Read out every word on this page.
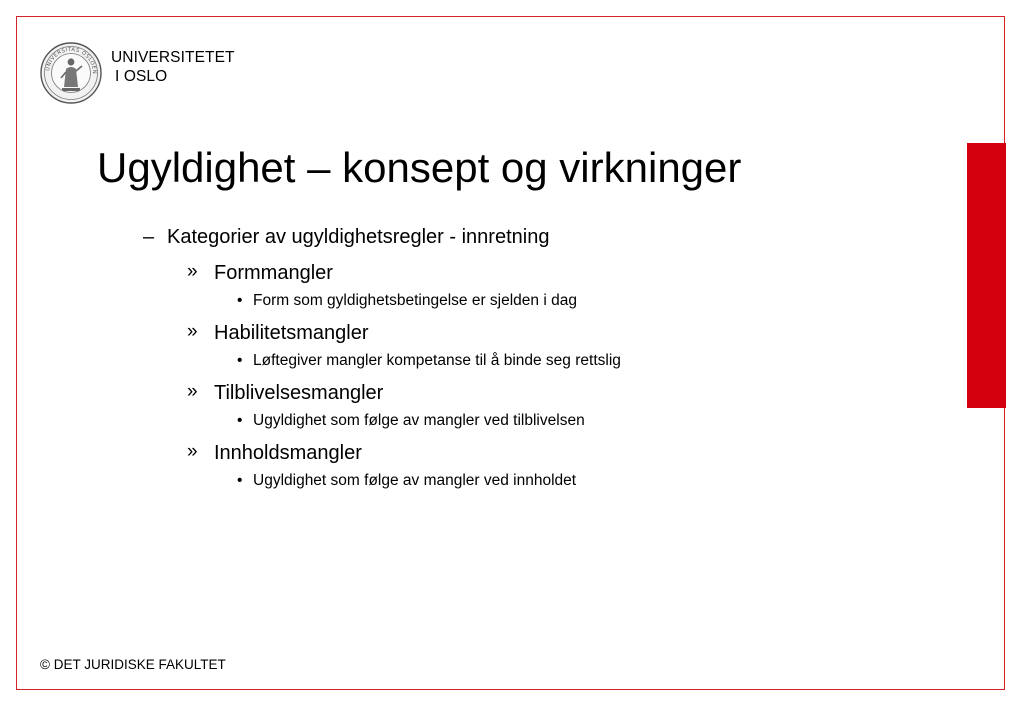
UNIVERSITAS OSLOEN
UNIVERSITETET
I OSLO
Ugyldighet – konsept og virkninger
– Kategorier av ugyldighetsregler - innretning
» Formmangler
• Form som gyldighetsbetingelse er sjelden i dag
» Habilitetsmangler
• Løftegiver mangler kompetanse til å binde seg rettslig
» Tilblivelsesmangler
• Ugyldighet som følge av mangler ved tilblivelsen
» Innholdsmangler
• Ugyldighet som følge av mangler ved innholdet
© DET JURIDISKE FAKULTET
